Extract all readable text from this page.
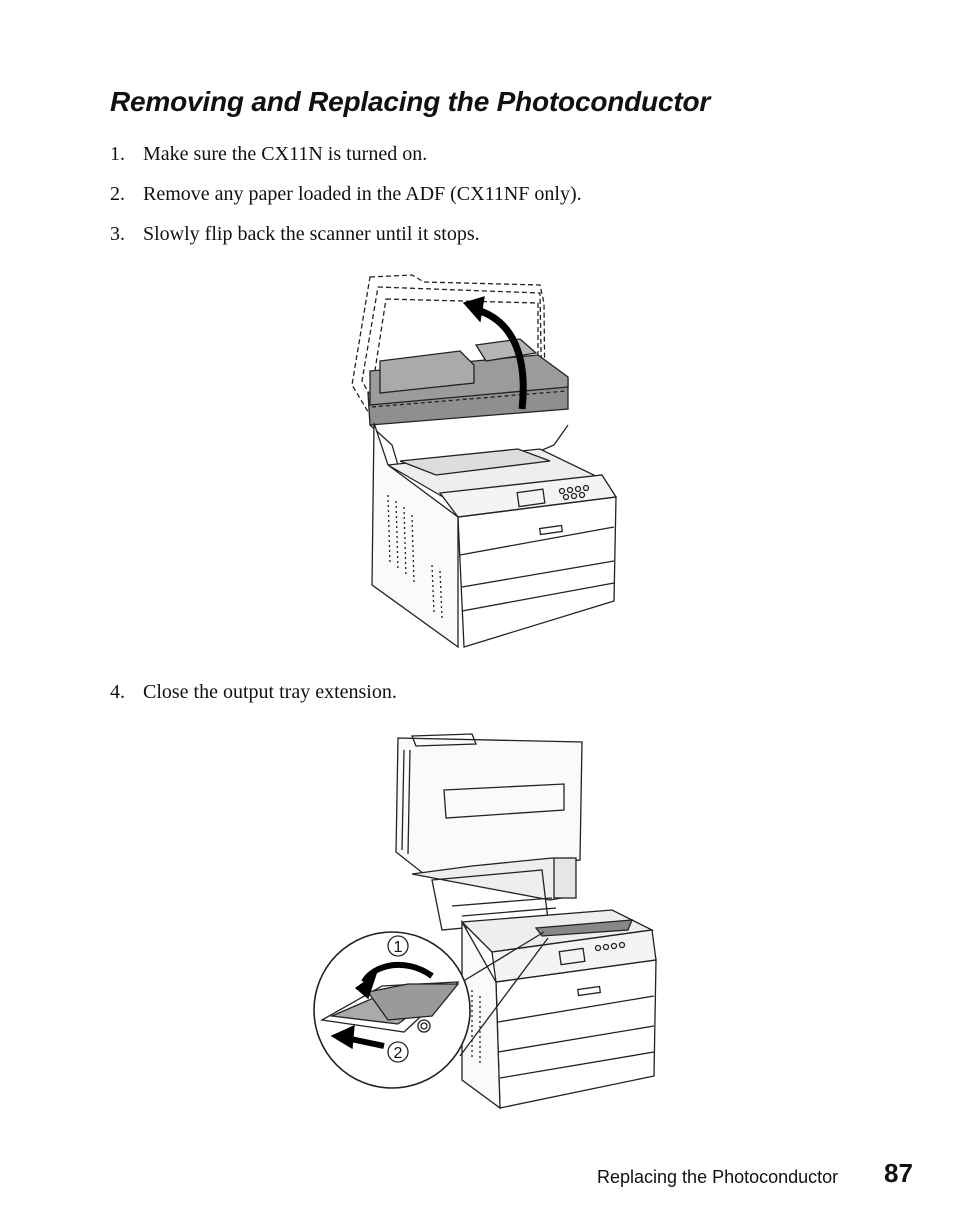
Removing and Replacing the Photoconductor
1. Make sure the CX11N is turned on.
2. Remove any paper loaded in the ADF (CX11NF only).
3. Slowly flip back the scanner until it stops.
4. Close the output tray extension.
1
2
Replacing the Photoconductor 87
